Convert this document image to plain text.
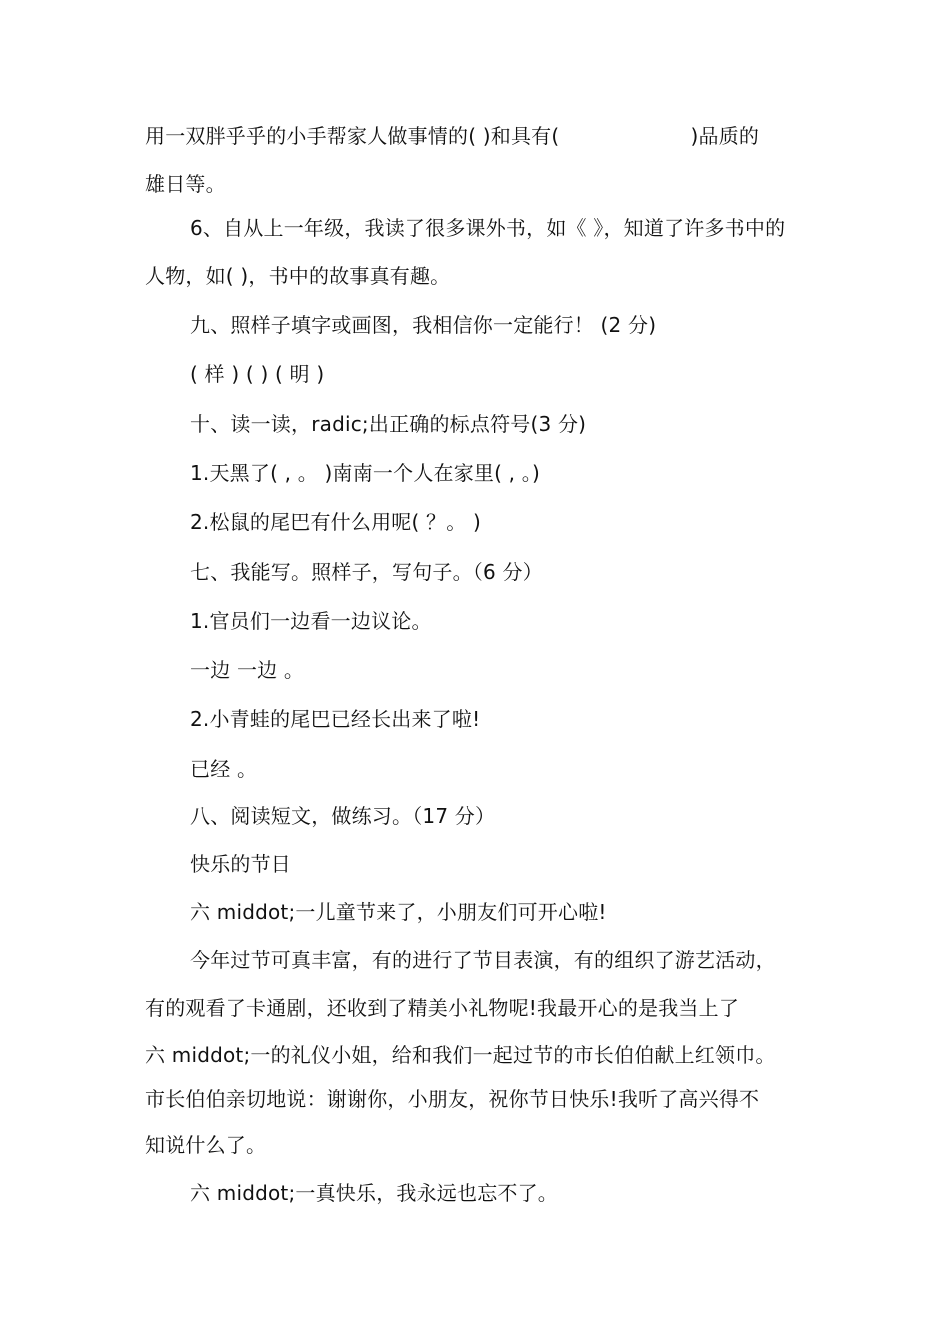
用一双胖乎乎的小手帮家人做事情的( )和具有(                    )品质的
雄日等。
6、自从上一年级，我读了很多课外书，如《 》，知道了许多书中的
人物，如( )，书中的故事真有趣。
九、照样子填字或画图，我相信你一定能行！ (2 分)
( 样 ) ( ) ( 明 )
十、读一读，radic;出正确的标点符号(3 分)
1.天黑了( , 。 )南南一个人在家里( , 。)
2.松鼠的尾巴有什么用呢( ？。 )
七、我能写。照样子，写句子。（6 分）
1.官员们一边看一边议论。
一边 一边 。
2.小青蛙的尾巴已经长出来了啦!
已经 。
八、阅读短文，做练习。（17 分）
快乐的节日
六 middot;一儿童节来了，小朋友们可开心啦!
今年过节可真丰富，有的进行了节目表演，有的组织了游艺活动，
有的观看了卡通剧，还收到了精美小礼物呢!我最开心的是我当上了
六 middot;一的礼仪小姐，给和我们一起过节的市长伯伯献上红领巾。
市长伯伯亲切地说：谢谢你，小朋友，祝你节日快乐!我听了高兴得不
知说什么了。
六 middot;一真快乐，我永远也忘不了。
